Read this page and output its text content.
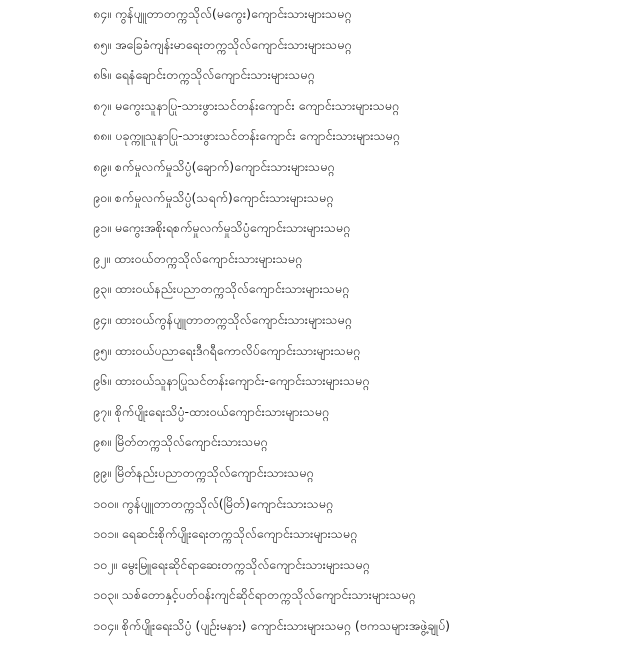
၈၄။ ကွန်ပျူတာတက္ကသိုလ်(မကွေး)ကျောင်းသားများသမဂ္ဂ
၈၅။ အခြေခံကျန်းမာရေးတက္ကသိုလ်ကျောင်းသားများသမဂ္ဂ
၈၆။ ရေနံချောင်းတက္ကသိုလ်ကျောင်းသားများသမဂ္ဂ
၈၇။ မကွေးသူနာပြု-သားဖွားသင်တန်းကျောင်း ကျောင်းသားများသမဂ္ဂ
၈၈။ ပခုက္ကူသူနာပြု-သားဖွားသင်တန်းကျောင်း ကျောင်းသားများသမဂ္ဂ
၈၉။ စက်မှုလက်မှုသိပ္ပံ(ချောက်)ကျောင်းသားများသမဂ္ဂ
၉၀။ စက်မှုလက်မှုသိပ္ပံ(သရက်)ကျောင်းသားများသမဂ္ဂ
၉၁။ မကွေးအစိုးရစက်မှုလက်မှုသိပ္ပံကျောင်းသားများသမဂ္ဂ
၉၂။ ထားဝယ်တက္ကသိုလ်ကျောင်းသားများသမဂ္ဂ
၉၃။ ထားဝယ်နည်းပညာတက္ကသိုလ်ကျောင်းသားများသမဂ္ဂ
၉၄။ ထားဝယ်ကွန်ပျူတာတက္ကသိုလ်ကျောင်းသားများသမဂ္ဂ
၉၅။ ထားဝယ်ပညာရေးဒီဂရီကောလိပ်ကျောင်းသားများသမဂ္ဂ
၉၆။ ထားဝယ်သူနာပြုသင်တန်းကျောင်း-ကျောင်းသားများသမဂ္ဂ
၉၇။ စိုက်ပျိုးရေးသိပ္ပံ-ထားဝယ်ကျောင်းသားများသမဂ္ဂ
၉၈။ မြိတ်တက္ကသိုလ်ကျောင်းသားသမဂ္ဂ
၉၉။ မြိတ်နည်းပညာတက္ကသိုလ်ကျောင်းသားသမဂ္ဂ
၁၀၀။ ကွန်ပျူတာတက္ကသိုလ်(မြိတ်)ကျောင်းသားသမဂ္ဂ
၁၀၁။ ရေဆင်းစိုက်ပျိုးရေးတက္ကသိုလ်ကျောင်းသားများသမဂ္ဂ
၁၀၂။ မွေးမြူရေးဆိုင်ရာဆေးတက္ကသိုလ်ကျောင်းသားများသမဂ္ဂ
၁၀၃။ သစ်တောနှင့်ပတ်ဝန်းကျင်ဆိုင်ရာတက္ကသိုလ်ကျောင်းသားများသမဂ္ဂ
၁၀၄။ စိုက်ပျိုးရေးသိပ္ပံ (ပျဉ်းမနား) ကျောင်းသားများသမဂ္ဂ (ဗကသများအဖွဲ့ချုပ်)
